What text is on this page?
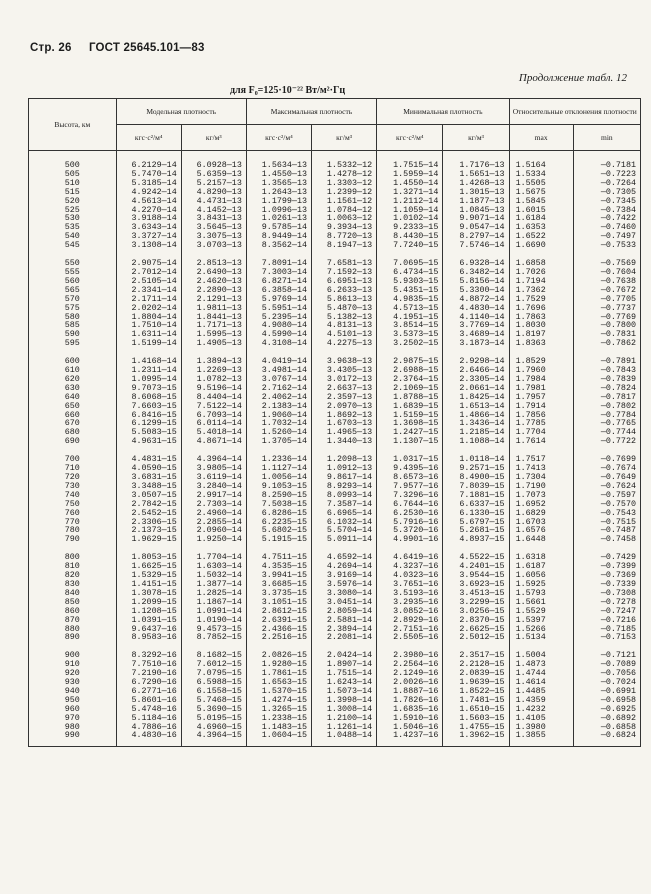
Стр. 26 ГОСТ 25645.101—83
Продолжение табл. 12
для F₀=125·10⁻²² Вт/м²·Гц
Высота, км	Модельная плотность		Максимальная плотность		Минимальная плотность		Относительные отклонения плотности	
	кгс·с²/м⁴	кг/м³	кгс·с²/м⁴	кг/м³	кгс·с²/м⁴	кг/м³	max	min

500	6.2129—14	6.0928—13	1.5634—13	1.5332—12	1.7515—14	1.7176—13	1.5164	—0.7181
505	5.7470—14	5.6359—13	1.4550—13	1.4278—12	1.5959—14	1.5651—13	1.5334	—0.7223
510	5.3185—14	5.2157—13	1.3565—13	1.3303—12	1.4550—14	1.4268—13	1.5505	—0.7264
515	4.9242—14	4.8290—13	1.2643—13	1.2399—12	1.3271—14	1.3015—13	1.5675	—0.7305
520	4.5613—14	4.4731—13	1.1799—13	1.1561—12	1.2112—14	1.1877—13	1.5845	—0.7345
525	4.2270—14	4.1452—13	1.0996—13	1.0784—12	1.1059—14	1.0845—13	1.6015	—0.7384
530	3.9188—14	3.8431—13	1.0261—13	1.0063—12	1.0102—14	9.9071—14	1.6184	—0.7422
535	3.6343—14	3.5645—13	9.5785—14	9.3934—13	9.2333—15	9.0547—14	1.6353	—0.7460
540	3.3727—14	3.3075—13	8.9449—14	8.7720—13	8.4430—15	8.2797—14	1.6522	—0.7497
545	3.1308—14	3.0703—13	8.3562—14	8.1947—13	7.7240—15	7.5746—14	1.6690	—0.7533

550	2.9075—14	2.8513—13	7.8091—14	7.6581—13	7.0695—15	6.9328—14	1.6858	—0.7569
555	2.7012—14	2.6490—13	7.3003—14	7.1592—13	6.4734—15	6.3482—14	1.7026	—0.7604
560	2.5105—14	2.4620—13	6.8271—14	6.6951—13	5.9303—15	5.8156—14	1.7194	—0.7638
565	2.3341—14	2.2890—13	6.3858—14	6.2633—13	5.4351—15	5.3300—14	1.7362	—0.7672
570	2.1711—14	2.1291—13	5.9769—14	5.8613—13	4.9835—15	4.8872—14	1.7529	—0.7705
575	2.0202—14	1.9811—13	5.5951—14	5.4870—13	4.5713—15	4.4830—14	1.7696	—0.7737
580	1.8804—14	1.8441—13	5.2395—14	5.1382—13	4.1951—15	4.1140—14	1.7863	—0.7769
585	1.7510—14	1.7171—13	4.9080—14	4.8131—13	3.8514—15	3.7769—14	1.8030	—0.7800
590	1.6311—14	1.5995—13	4.5990—14	4.5101—13	3.5373—15	3.4689—14	1.8197	—0.7831
595	1.5199—14	1.4905—13	4.3108—14	4.2275—13	3.2502—15	3.1873—14	1.8363	—0.7862

600	1.4168—14	1.3894—13	4.0419—14	3.9638—13	2.9875—15	2.9298—14	1.8529	—0.7891
610	1.2311—14	1.2269—13	3.4981—14	3.4305—13	2.6988—15	2.6466—14	1.7960	—0.7843
620	1.0995—14	1.0782—13	3.0767—14	3.0172—13	2.3764—15	2.3305—14	1.7984	—0.7839
630	9.7073—15	9.5196—14	2.7162—14	2.6637—13	2.1069—15	2.0661—14	1.7981	—0.7824
640	8.6068—15	8.4404—14	2.4062—14	2.3597—13	1.8788—15	1.8425—14	1.7957	—0.7817
650	7.6603—15	7.5122—14	2.1383—14	2.0970—13	1.6839—15	1.6513—14	1.7914	—0.7802
660	6.8416—15	6.7093—14	1.9060—14	1.8692—13	1.5159—15	1.4866—14	1.7856	—0.7784
670	6.1299—15	6.0114—14	1.7032—14	1.6703—13	1.3698—15	1.3436—14	1.7785	—0.7765
680	5.5083—15	5.4018—14	1.5260—14	1.4965—13	1.2427—15	1.2185—14	1.7704	—0.7744
690	4.9631—15	4.8671—14	1.3705—14	1.3440—13	1.1307—15	1.1088—14	1.7614	—0.7722

700	4.4831—15	4.3964—14	1.2336—14	1.2098—13	1.0317—15	1.0118—14	1.7517	—0.7699
710	4.0590—15	3.9805—14	1.1127—14	1.0912—13	9.4395—16	9.2571—15	1.7413	—0.7674
720	3.6831—15	3.6119—14	1.0056—14	9.8617—14	8.6573—16	8.4900—15	1.7304	—0.7649
730	3.3488—15	3.2840—14	9.1053—15	8.9293—14	7.9577—16	7.8039—15	1.7190	—0.7624
740	3.0507—15	2.9917—14	8.2590—15	8.0993—14	7.3296—16	7.1881—15	1.7073	—0.7597
750	2.7842—15	2.7303—14	7.5038—15	7.3587—14	6.7644—16	6.6337—15	1.6952	—0.7570
760	2.5452—15	2.4960—14	6.8286—15	6.6965—14	6.2530—16	6.1330—15	1.6829	—0.7543
770	2.3306—15	2.2855—14	6.2235—15	6.1032—14	5.7916—16	5.6797—15	1.6703	—0.7515
780	2.1373—15	2.0960—14	5.6802—15	5.5704—14	5.3720—16	5.2681—15	1.6576	—0.7487
790	1.9629—15	1.9250—14	5.1915—15	5.0911—14	4.9901—16	4.8937—15	1.6448	—0.7458

800	1.8053—15	1.7704—14	4.7511—15	4.6592—14	4.6419—16	4.5522—15	1.6318	—0.7429
810	1.6625—15	1.6303—14	4.3535—15	4.2694—14	4.3237—16	4.2401—15	1.6187	—0.7399
820	1.5329—15	1.5032—14	3.9941—15	3.9169—14	4.0323—16	3.9544—15	1.6056	—0.7369
830	1.4151—15	1.3877—14	3.6685—15	3.5976—14	3.7651—16	3.6923—15	1.5925	—0.7339
840	1.3078—15	1.2825—14	3.3735—15	3.3080—14	3.5193—16	3.4513—15	1.5793	—0.7308
850	1.2099—15	1.1867—14	3.1051—15	3.0451—14	3.2935—16	3.2299—15	1.5661	—0.7278
860	1.1208—15	1.0991—14	2.8612—15	2.8059—14	3.0852—16	3.0256—15	1.5529	—0.7247
870	1.0391—15	1.0190—14	2.6391—15	2.5881—14	2.8929—16	2.8370—15	1.5397	—0.7216
880	9.6437—16	9.4573—15	2.4366—15	2.3894—14	2.7151—16	2.6625—15	1.5266	—0.7185
890	8.9583—16	8.7852—15	2.2516—15	2.2081—14	2.5505—16	2.5012—15	1.5134	—0.7153

900	8.3292—16	8.1682—15	2.0826—15	2.0424—14	2.3980—16	2.3517—15	1.5004	—0.7121
910	7.7510—16	7.6012—15	1.9280—15	1.8907—14	2.2564—16	2.2128—15	1.4873	—0.7089
920	7.2190—16	7.0795—15	1.7861—15	1.7515—14	2.1249—16	2.0839—15	1.4744	—0.7056
930	6.7290—16	6.5988—15	1.6563—15	1.6243—14	2.0026—16	1.9639—15	1.4614	—0.7024
940	6.2771—16	6.1558—15	1.5370—15	1.5073—14	1.8887—16	1.8522—15	1.4485	—0.6991
950	5.8601—16	5.7468—15	1.4274—15	1.3998—14	1.7826—16	1.7481—15	1.4359	—0.6958
960	5.4748—16	5.3690—15	1.3265—15	1.3008—14	1.6835—16	1.6510—15	1.4232	—0.6925
970	5.1184—16	5.0195—15	1.2338—15	1.2100—14	1.5910—16	1.5603—15	1.4105	—0.6892
980	4.7886—16	4.6960—15	1.1483—15	1.1261—14	1.5046—16	1.4755—15	1.3980	—0.6858
990	4.4830—16	4.3964—15	1.0604—15	1.0488—14	1.4237—16	1.3962—15	1.3855	—0.6824
